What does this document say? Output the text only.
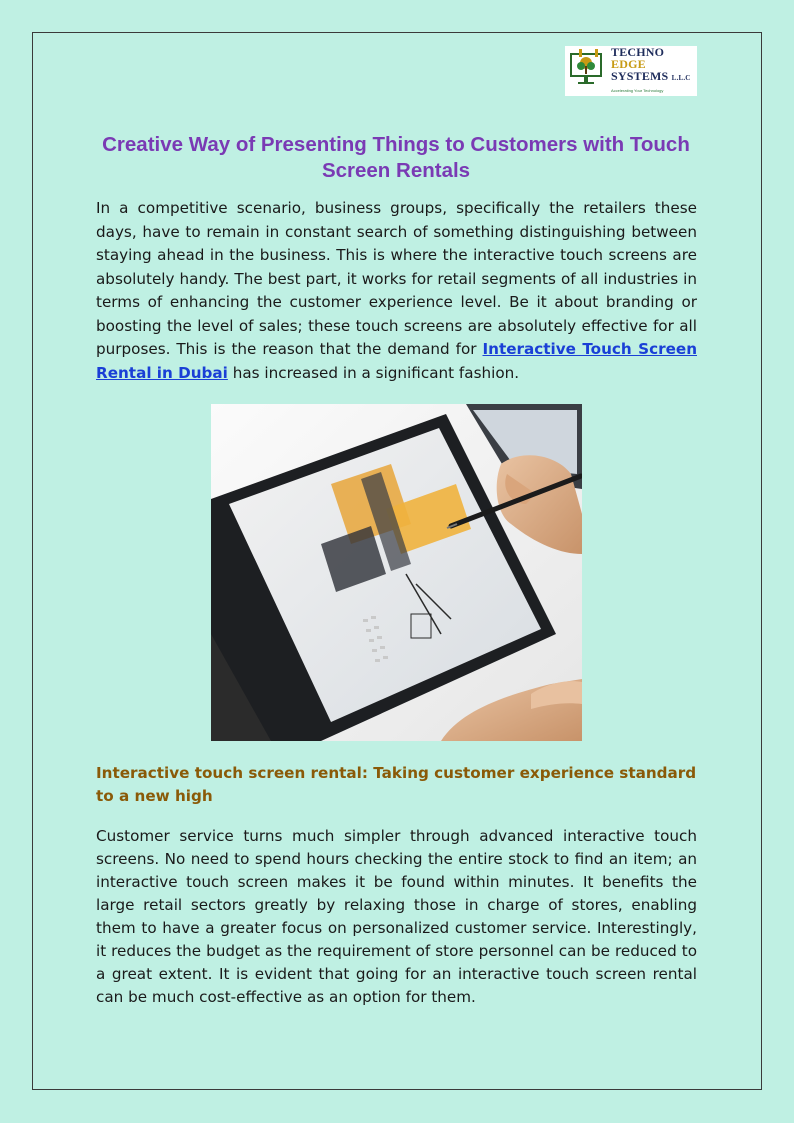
TECHNO
EDGE
SYSTEMS L.L.C
Accelerating Your Technology
Creative Way of Presenting Things to Customers with Touch Screen Rentals

In a competitive scenario, business groups, specifically the retailers these days, have to remain in constant search of something distinguishing between staying ahead in the business. This is where the interactive touch screens are absolutely handy. The best part, it works for retail segments of all industries in terms of enhancing the customer experience level. Be it about branding or boosting the level of sales; these touch screens are absolutely effective for all purposes. This is the reason that the demand for Interactive Touch Screen Rental in Dubai has increased in a significant fashion.

Interactive touch screen rental: Taking customer experience standard to a new high

Customer service turns much simpler through advanced interactive touch screens. No need to spend hours checking the entire stock to find an item; an interactive touch screen makes it be found within minutes. It benefits the large retail sectors greatly by relaxing those in charge of stores, enabling them to have a greater focus on personalized customer service. Interestingly, it reduces the budget as the requirement of store personnel can be reduced to a great extent. It is evident that going for an interactive touch screen rental can be much cost-effective as an option for them.
